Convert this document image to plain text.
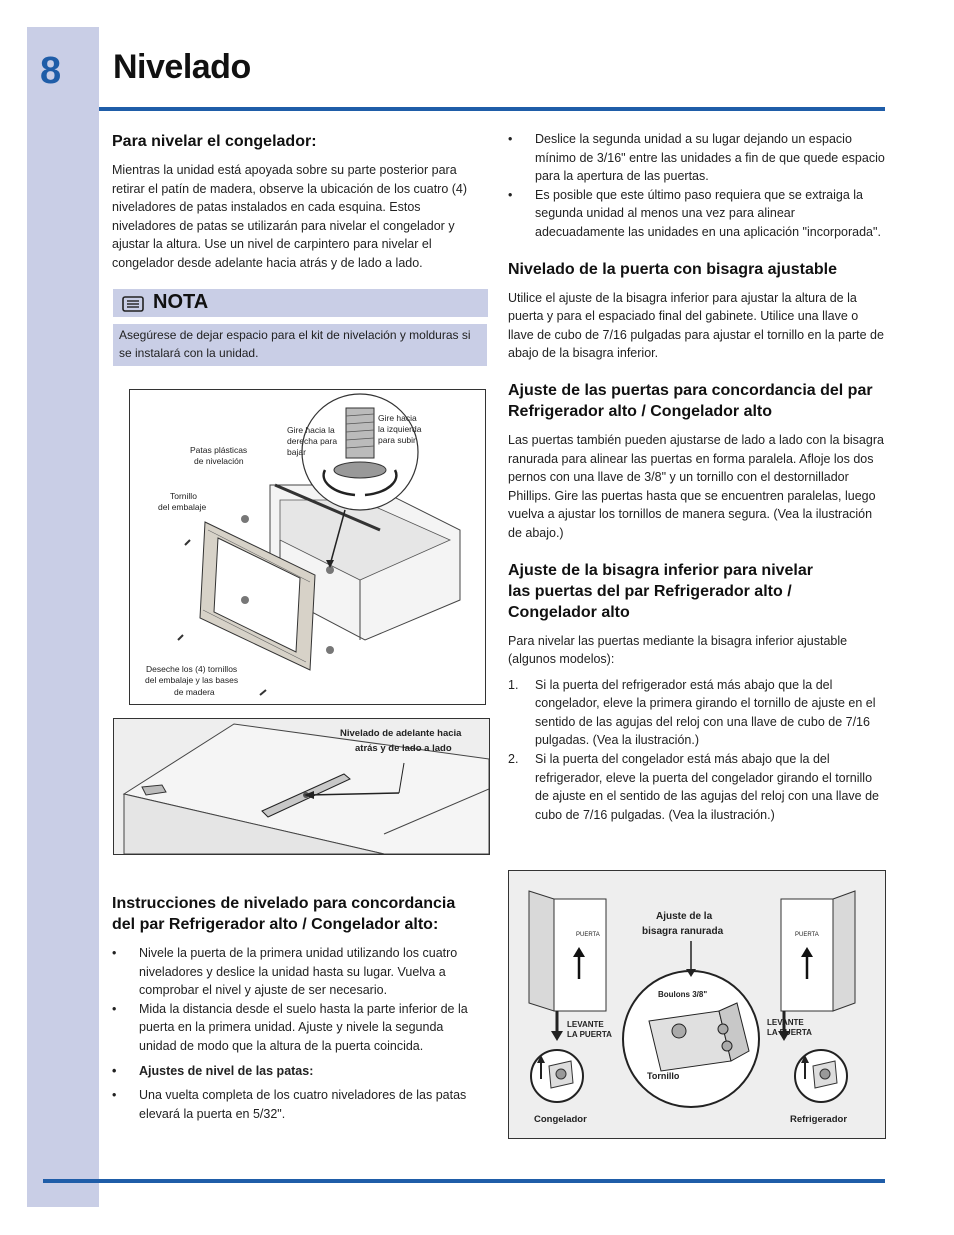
8 Nivelado
Para nivelar el congelador:

Mientras la unidad está apoyada sobre su parte posterior para retirar el patín de madera, observe la ubicación de los cuatro (4) niveladores de patas instalados en cada esquina. Estos niveladores de patas se utilizarán para nivelar el congelador y ajustar la altura. Use un nivel de carpintero para nivelar el congelador desde adelante hacia atrás y de lado a lado.

NOTA
Asegúrese de dejar espacio para el kit de nivelación y molduras si se instalará con la unidad.
Gire hacia la
derecha para
bajar
Gire hacia
la izquierda
para subir
Patas plásticas
de nivelación
Tornillo
del embalaje
Deseche los (4) tornillos
del embalaje y las bases
de madera
Nivelado de adelante hacia
atrás y de lado a lado
Instrucciones de nivelado para concordancia del par Refrigerador alto / Congelador alto:

• Nivele la puerta de la primera unidad utilizando los cuatro niveladores y deslice la unidad hasta su lugar. Vuelva a comprobar el nivel y ajuste de ser necesario.

• Mida la distancia desde el suelo hasta la parte inferior de la puerta en la primera unidad. Ajuste y nivele la segunda unidad de modo que la altura de la puerta coincida.

• Ajustes de nivel de las patas:

• Una vuelta completa de los cuatro niveladores de las patas elevará la puerta en 5/32".

• Deslice la segunda unidad a su lugar dejando un espacio mínimo de 3/16" entre las unidades a fin de que quede espacio para la apertura de las puertas.

• Es posible que este último paso requiera que se extraiga la segunda unidad al menos una vez para alinear adecuadamente las unidades en una aplicación "incorporada".

Nivelado de la puerta con bisagra ajustable

Utilice el ajuste de la bisagra inferior para ajustar la altura de la puerta y para el espaciado final del gabinete. Utilice una llave o llave de cubo de 7/16 pulgadas para ajustar el tornillo en la parte de abajo de la bisagra inferior.

Ajuste de las puertas para concordancia del par Refrigerador alto / Congelador alto

Las puertas también pueden ajustarse de lado a lado con la bisagra ranurada para alinear las puertas en forma paralela. Afloje los dos pernos con una llave de 3/8" y un tornillo con el destornillador Phillips. Gire las puertas hasta que se encuentren paralelas, luego vuelva a ajustar los tornillos de manera segura. (Vea la ilustración de abajo.)

Ajuste de la bisagra inferior para nivelar las puertas del par Refrigerador alto / Congelador alto

Para nivelar las puertas mediante la bisagra inferior ajustable (algunos modelos):

1. Si la puerta del refrigerador está más abajo que la del congelador, eleve la primera girando el tornillo de ajuste en el sentido de las agujas del reloj con una llave de cubo de 7/16 pulgadas. (Vea la ilustración.)
2. Si la puerta del congelador está más abajo que la del refrigerador, eleve la puerta del congelador girando el tornillo de ajuste en el sentido de las agujas del reloj con una llave de cubo de 7/16 pulgadas. (Vea la ilustración.)
PUERTA	PUERTA
Ajuste de la
bisagra ranurada
Boulons 3/8"
Tornillo
LEVANTE
LA PUERTA
LEVANTE
LA PUERTA
Congelador	Refrigerador
